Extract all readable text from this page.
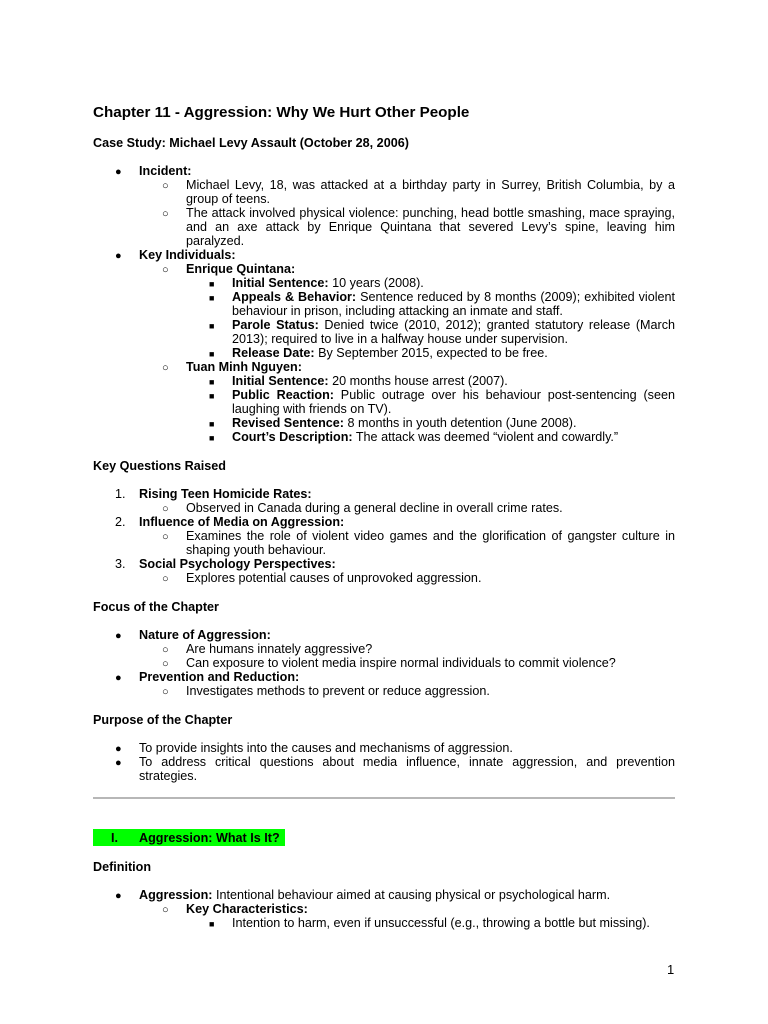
Chapter 11 - Aggression: Why We Hurt Other People
Case Study: Michael Levy Assault (October 28, 2006)
● Incident:
○ Michael Levy, 18, was attacked at a birthday party in Surrey, British Columbia, by a group of teens.
○ The attack involved physical violence: punching, head bottle smashing, mace spraying, and an axe attack by Enrique Quintana that severed Levy’s spine, leaving him paralyzed.
● Key Individuals:
○ Enrique Quintana:
■ Initial Sentence: 10 years (2008).
■ Appeals & Behavior: Sentence reduced by 8 months (2009); exhibited violent behaviour in prison, including attacking an inmate and staff.
■ Parole Status: Denied twice (2010, 2012); granted statutory release (March 2013); required to live in a halfway house under supervision.
■ Release Date: By September 2015, expected to be free.
○ Tuan Minh Nguyen:
■ Initial Sentence: 20 months house arrest (2007).
■ Public Reaction: Public outrage over his behaviour post-sentencing (seen laughing with friends on TV).
■ Revised Sentence: 8 months in youth detention (June 2008).
■ Court’s Description: The attack was deemed “violent and cowardly.”
Key Questions Raised
1. Rising Teen Homicide Rates:
○ Observed in Canada during a general decline in overall crime rates.
2. Influence of Media on Aggression:
○ Examines the role of violent video games and the glorification of gangster culture in shaping youth behaviour.
3. Social Psychology Perspectives:
○ Explores potential causes of unprovoked aggression.
Focus of the Chapter
● Nature of Aggression:
○ Are humans innately aggressive?
○ Can exposure to violent media inspire normal individuals to commit violence?
● Prevention and Reduction:
○ Investigates methods to prevent or reduce aggression.
Purpose of the Chapter
● To provide insights into the causes and mechanisms of aggression.
● To address critical questions about media influence, innate aggression, and prevention strategies.
I. Aggression: What Is It?
Definition
● Aggression: Intentional behaviour aimed at causing physical or psychological harm.
○ Key Characteristics:
■ Intention to harm, even if unsuccessful (e.g., throwing a bottle but missing).
1
